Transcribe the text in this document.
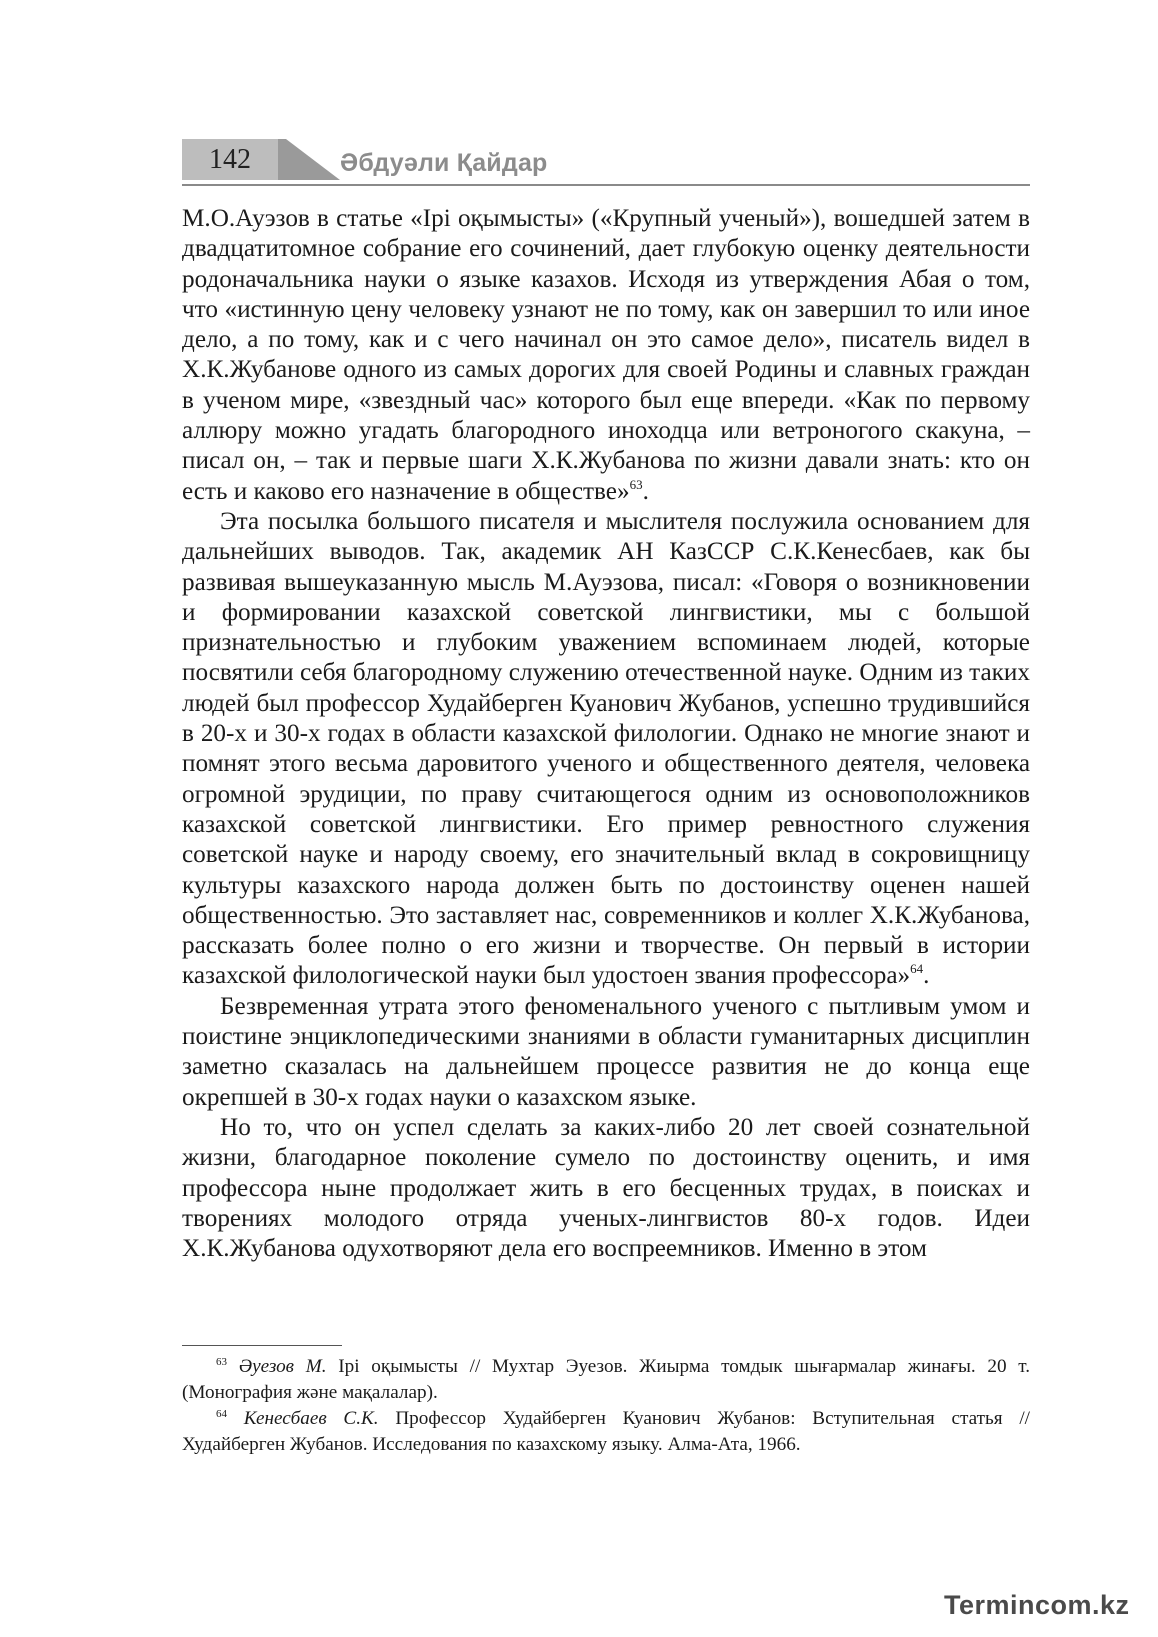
142	Әбдуәли Қайдар

М.О.Ауэзов в статье «Ірі оқымысты» («Крупный ученый»), вошедшей затем в двадцатитомное собрание его сочинений, дает глубокую оценку деятельности родоначальника науки о языке казахов. Исходя из утверждения Абая о том, что «истинную цену человеку узнают не по тому, как он завершил то или иное дело, а по тому, как и с чего начинал он это самое дело», писатель видел в Х.К.Жубанове одного из самых дорогих для своей Родины и славных граждан в ученом мире, «звездный час» которого был еще впереди. «Как по первому аллюру можно угадать благородного иноходца или ветроногого скакуна, – писал он, – так и первые шаги Х.К.Жубанова по жизни давали знать: кто он есть и каково его назначение в обществе»$^{63}$.

Эта посылка большого писателя и мыслителя послужила основанием для дальнейших выводов. Так, академик АН КазССР С.К.Кенесбаев, как бы развивая вышеуказанную мысль М.Ауэзова, писал: «Говоря о возникновении и формировании казахской советской лингвистики, мы с большой признательностью и глубоким уважением вспоминаем людей, которые посвятили себя благородному служению отечественной науке. Одним из таких людей был профессор Худайберген Куанович Жубанов, успешно трудившийся в 20-х и 30-х годах в области казахской филологии. Однако не многие знают и помнят этого весьма даровитого ученого и общественного деятеля, человека огромной эрудиции, по праву считающегося одним из основоположников казахской советской лингвистики. Его пример ревностного служения советской науке и народу своему, его значительный вклад в сокровищницу культуры казахского народа должен быть по достоинству оценен нашей общественностью. Это заставляет нас, современников и коллег Х.К.Жубанова, рассказать более полно о его жизни и творчестве. Он первый в истории казахской филологической науки был удостоен звания профессора»$^{64}$.

Безвременная утрата этого феноменального ученого с пытливым умом и поистине энциклопедическими знаниями в области гуманитарных дисциплин заметно сказалась на дальнейшем процессе развития не до конца еще окрепшей в 30-х годах науки о казахском языке.

Но то, что он успел сделать за каких-либо 20 лет своей сознательной жизни, благодарное поколение сумело по достоинству оценить, и имя профессора ныне продолжает жить в его бесценных трудах, в поисках и творениях молодого отряда ученых-лингвистов 80-х годов. Идеи Х.К.Жубанова одухотворяют дела его воспреемников. Именно в этом

$^{63}$ Әуезов М. Ірі оқымысты // Мухтар Эуезов. Жиырма томдык шығармалар жинағы. 20 т. (Монография және мақалалар).

$^{64}$ Кенесбаев С.К. Профессор Худайберген Куанович Жубанов: Вступительная статья // Худайберген Жубанов. Исследования по казахскому языку. Алма-Ата, 1966.

Termincom.kz
